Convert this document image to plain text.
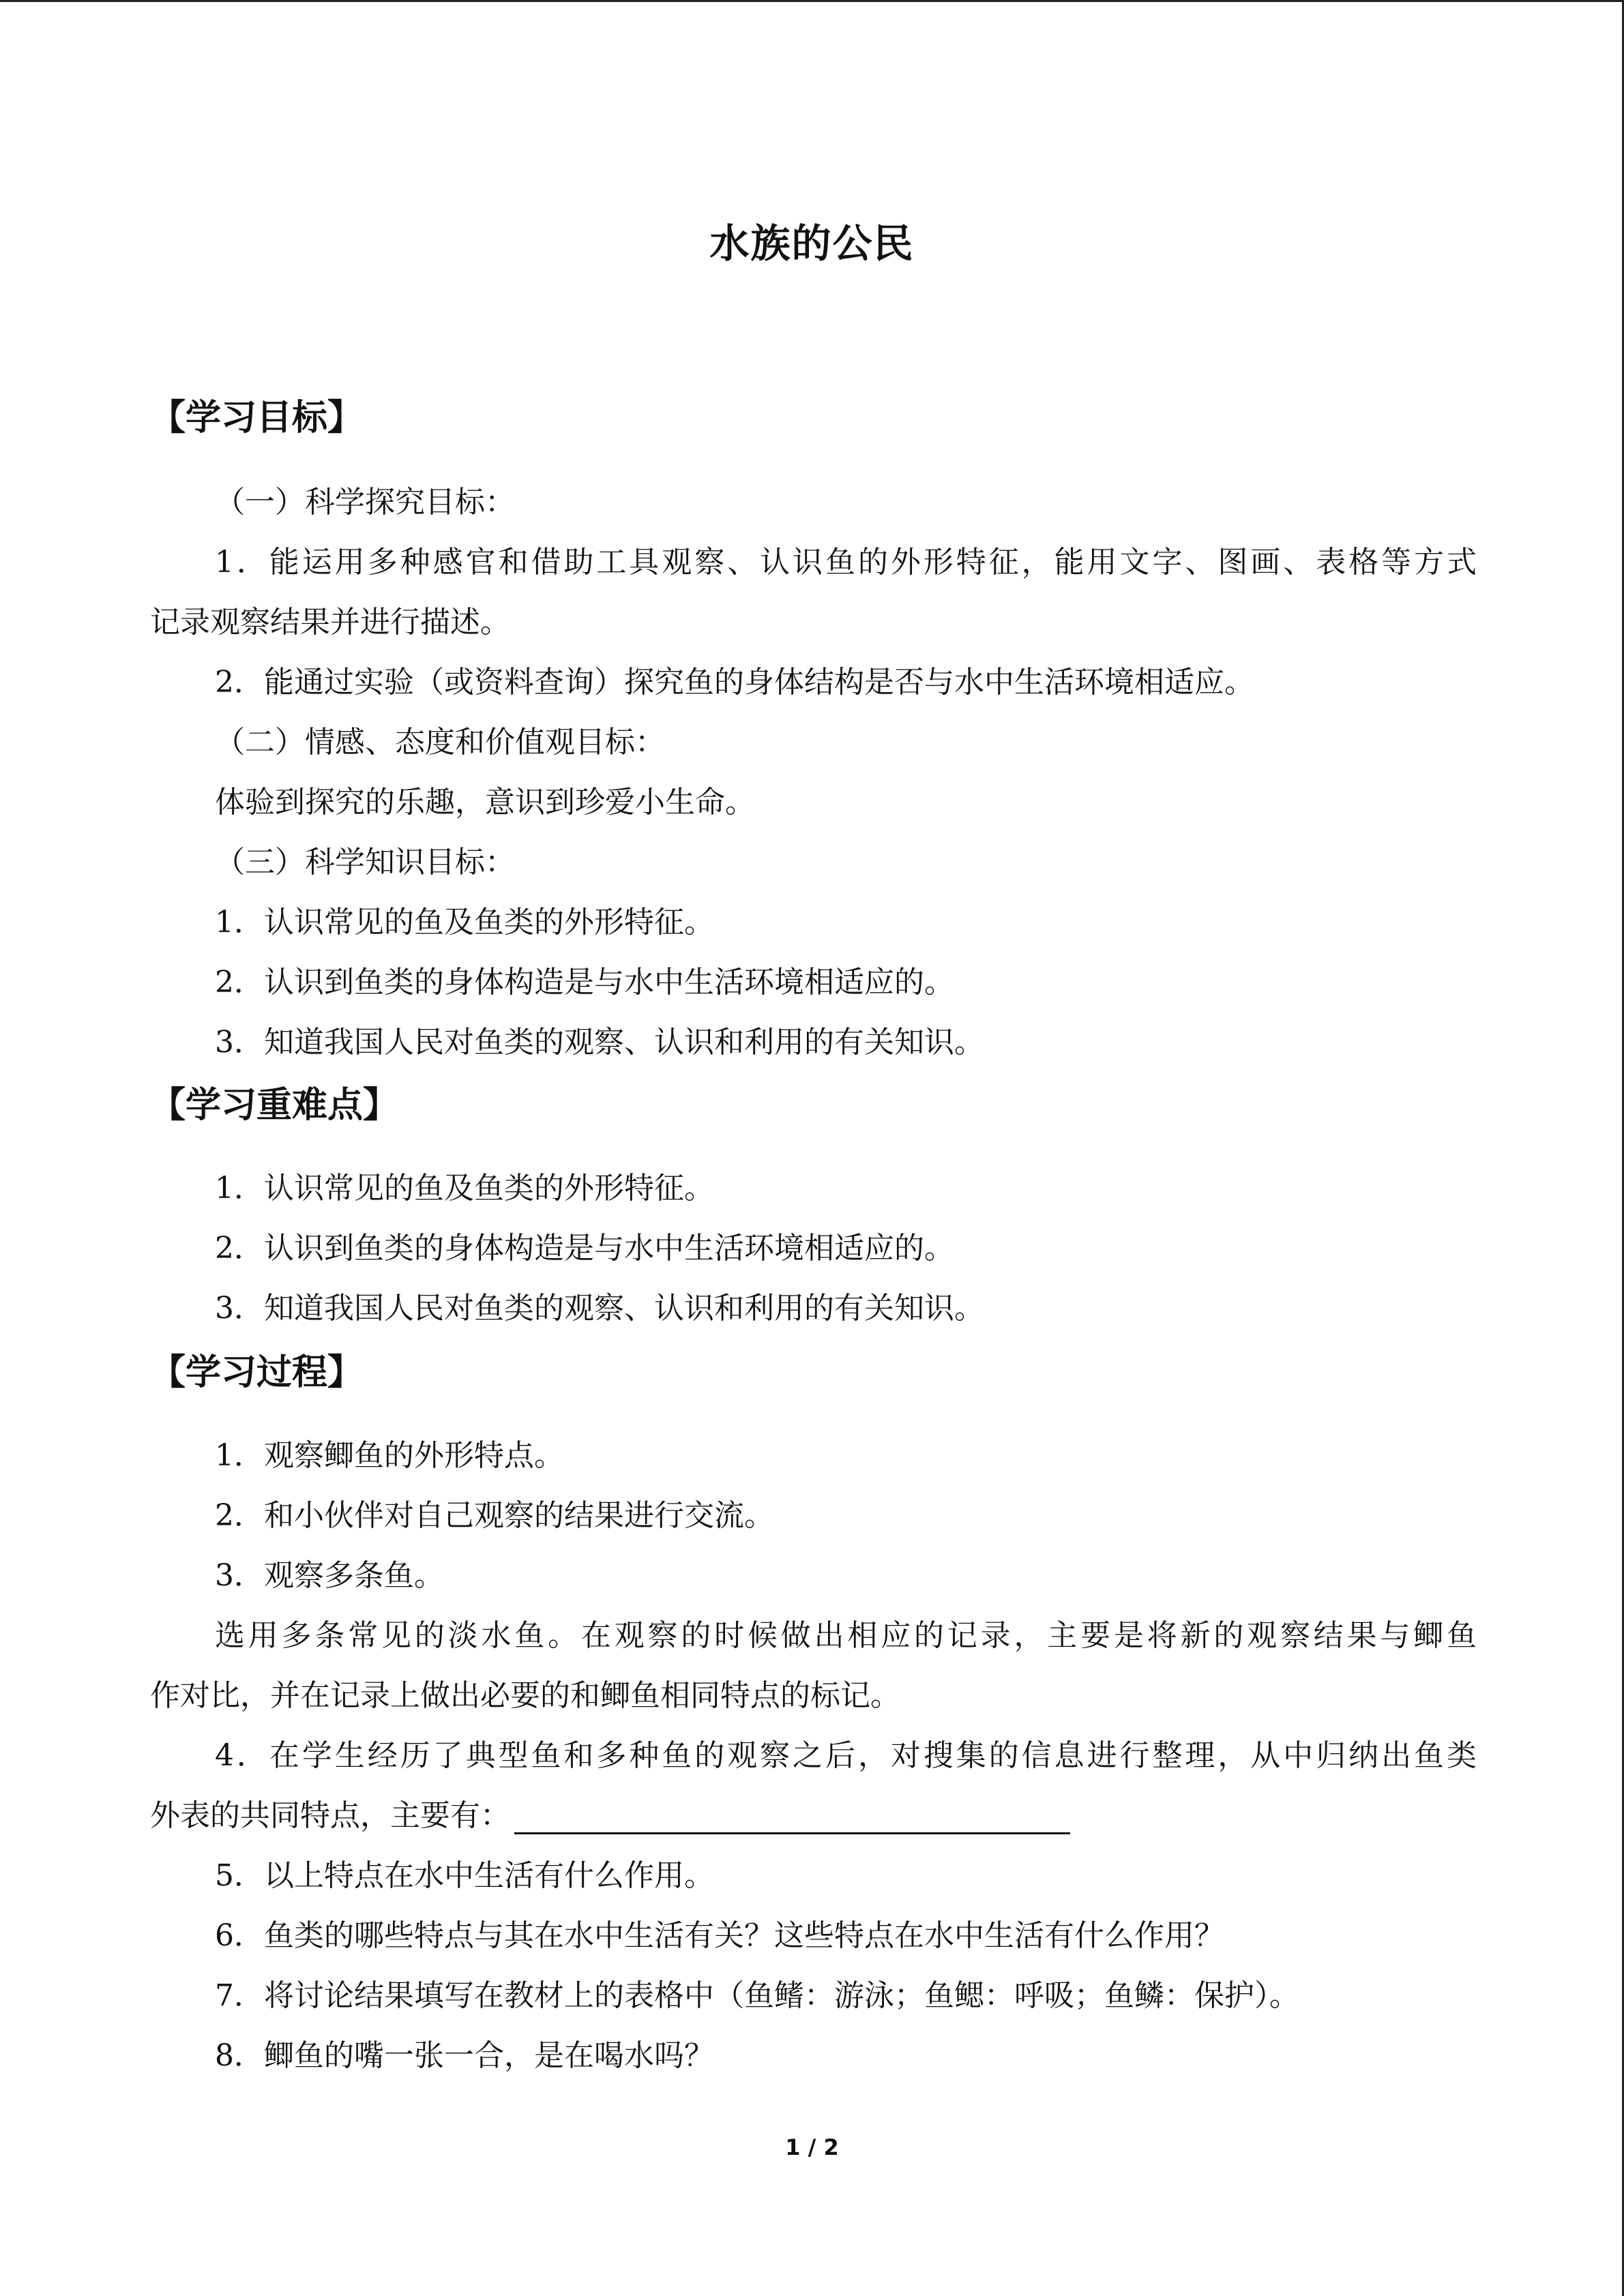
水族的公民
【学习目标】
（一）科学探究目标：
1．能运用多种感官和借助工具观察、认识鱼的外形特征，能用文字、图画、表格等方式
记录观察结果并进行描述。
2．能通过实验（或资料查询）探究鱼的身体结构是否与水中生活环境相适应。
（二）情感、态度和价值观目标：
体验到探究的乐趣，意识到珍爱小生命。
（三）科学知识目标：
1．认识常见的鱼及鱼类的外形特征。
2．认识到鱼类的身体构造是与水中生活环境相适应的。
3．知道我国人民对鱼类的观察、认识和利用的有关知识。
【学习重难点】
1．认识常见的鱼及鱼类的外形特征。
2．认识到鱼类的身体构造是与水中生活环境相适应的。
3．知道我国人民对鱼类的观察、认识和利用的有关知识。
【学习过程】
1．观察鲫鱼的外形特点。
2．和小伙伴对自己观察的结果进行交流。
3．观察多条鱼。
选用多条常见的淡水鱼。在观察的时候做出相应的记录，主要是将新的观察结果与鲫鱼
作对比，并在记录上做出必要的和鲫鱼相同特点的标记。
4．在学生经历了典型鱼和多种鱼的观察之后，对搜集的信息进行整理，从中归纳出鱼类
外表的共同特点，主要有：
5．以上特点在水中生活有什么作用。
6．鱼类的哪些特点与其在水中生活有关？这些特点在水中生活有什么作用？
7．将讨论结果填写在教材上的表格中（鱼鳍：游泳；鱼鳃：呼吸；鱼鳞：保护）。
8．鲫鱼的嘴一张一合，是在喝水吗？
1 / 2
